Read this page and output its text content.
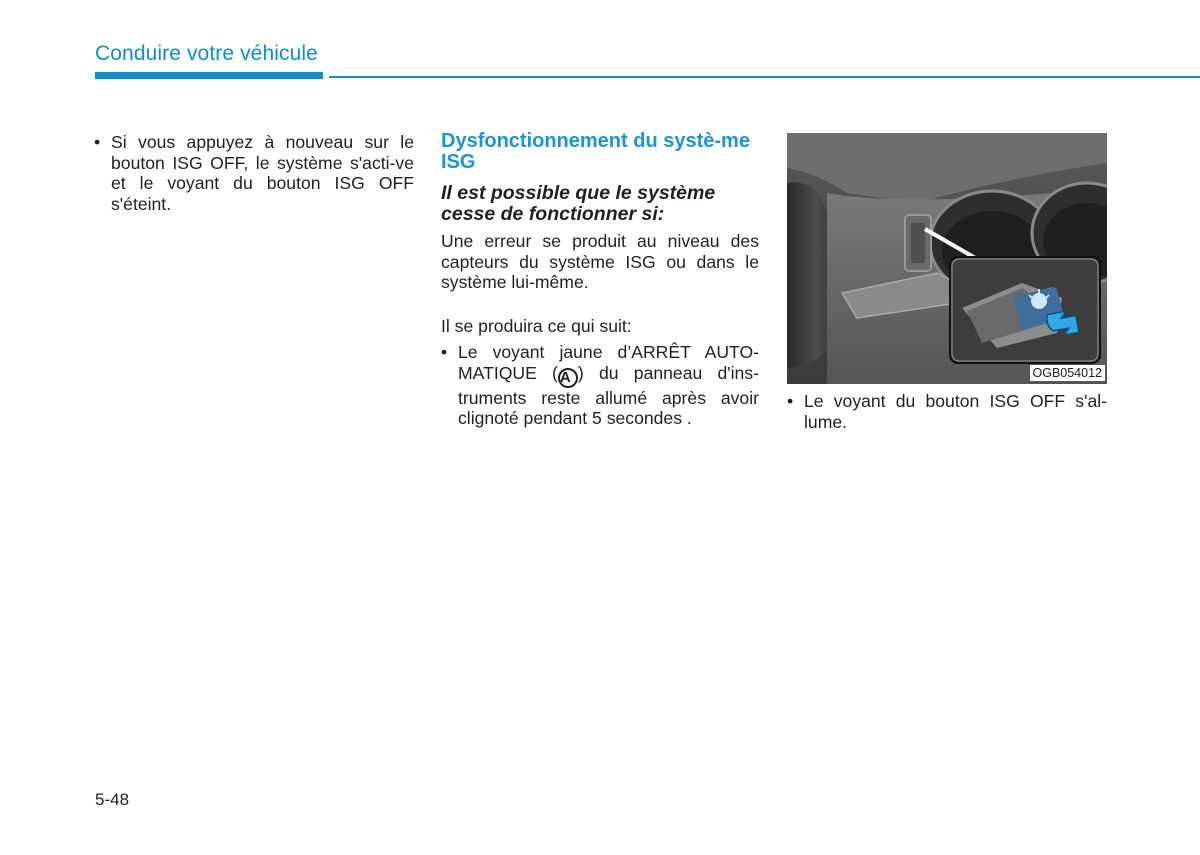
Conduire votre véhicule
• Si vous appuyez à nouveau sur le bouton ISG OFF, le système s'acti-ve et le voyant du bouton ISG OFF s'éteint.
Dysfonctionnement du systè-me ISG
Il est possible que le système cesse de fonctionner si:
Une erreur se produit au niveau des capteurs du système ISG ou dans le système lui-même.
Il se produira ce qui suit:
• Le voyant jaune d’ARRÊT AUTO-MATIQUE ( A ) du panneau d'ins-truments reste allumé après avoir clignoté pendant 5 secondes .
OGB054012
• Le voyant du bouton ISG OFF s'al-lume.
5-48
